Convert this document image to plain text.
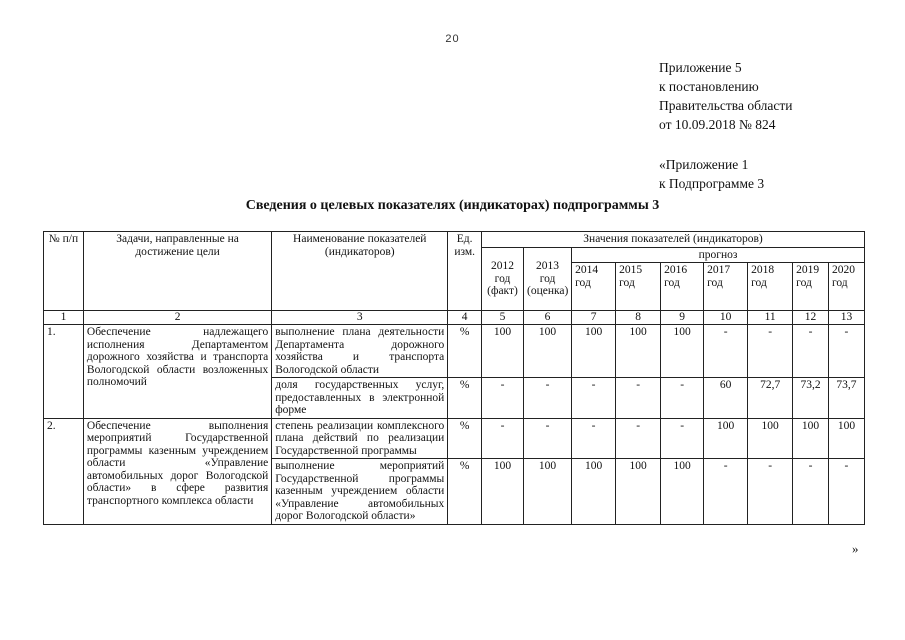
20
Приложение 5
к постановлению
Правительства области
от 10.09.2018 № 824
«Приложение 1
к Подпрограмме 3
Сведения о целевых показателях (индикаторах) подпрограммы 3
№ п/п	Задачи, направленные на достижение цели	Наименование показателей (индикаторов)	Ед. изм.	Значения показателей (индикаторов)								
				2012 год (факт)	2013 год (оценка)	прогноз						
						2014 год	2015 год	2016 год	2017 год	2018 год	2019 год	2020 год
1	2	3	4	5	6	7	8	9	10	11	12	13
1.	Обеспечение надлежащего исполнения Департаментом дорожного хозяйства и транспорта Вологодской области возложенных полномочий	выполнение плана деятельности Департамента дорожного хозяйства и транспорта Вологодской области	%	100	100	100	100	100	-	-	-	-
		доля государственных услуг, предоставленных в электронной форме	%	-	-	-	-	-	60	72,7	73,2	73,7
2.	Обеспечение выполнения мероприятий Государственной программы казенным учреждением области «Управление автомобильных дорог Вологодской области» в сфере развития транспортного комплекса области	степень реализации комплексного плана действий по реализации Государственной программы	%	-	-	-	-	-	100	100	100	100
		выполнение мероприятий Государственной программы казенным учреждением области «Управление автомобильных дорог Вологодской области»	%	100	100	100	100	100	-	-	-	-
»
